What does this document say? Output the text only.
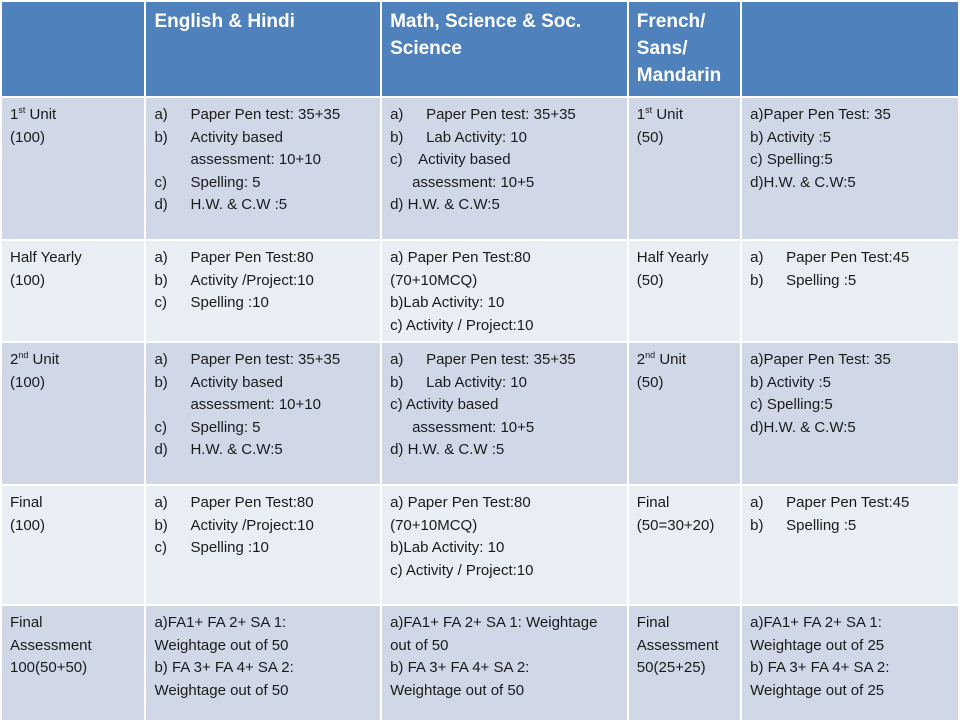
	English & Hindi	Math, Science & Soc.
Science	French/
Sans/
Mandarin	

1st Unit
(100)	a) Paper Pen test: 35+35
b) Activity based
assessment: 10+10
c) Spelling: 5
d) H.W. & C.W :5	a) Paper Pen test: 35+35
b) Lab Activity: 10
c) Activity based
assessment: 10+5
d) H.W. & C.W:5	1st Unit
(50)	a)Paper Pen Test: 35
b) Activity :5
c) Spelling:5
d)H.W. & C.W:5

Half Yearly
(100)	a) Paper Pen Test:80
b) Activity /Project:10
c) Spelling :10	a) Paper Pen Test:80
(70+10MCQ)
b)Lab Activity: 10
c) Activity / Project:10	Half Yearly
(50)	a) Paper Pen Test:45
b) Spelling :5

2nd Unit
(100)	a) Paper Pen test: 35+35
b) Activity based
assessment: 10+10
c) Spelling: 5
d) H.W. & C.W:5	a) Paper Pen test: 35+35
b) Lab Activity: 10
c) Activity based
assessment: 10+5
d) H.W. & C.W :5	2nd Unit
(50)	a)Paper Pen Test: 35
b) Activity :5
c) Spelling:5
d)H.W. & C.W:5

Final
(100)	a) Paper Pen Test:80
b) Activity /Project:10
c) Spelling :10	a) Paper Pen Test:80
(70+10MCQ)
b)Lab Activity: 10
c) Activity / Project:10	Final
(50=30+20)	a) Paper Pen Test:45
b) Spelling :5

Final
Assessment
100(50+50)	a)FA1+ FA 2+ SA 1:
Weightage out of 50
b) FA 3+ FA 4+ SA 2:
Weightage out of 50	a)FA1+ FA 2+ SA 1: Weightage
out of 50
b) FA 3+ FA 4+ SA 2:
Weightage out of 50	Final
Assessment
50(25+25)	a)FA1+ FA 2+ SA 1:
Weightage out of 25
b) FA 3+ FA 4+ SA 2:
Weightage out of 25
